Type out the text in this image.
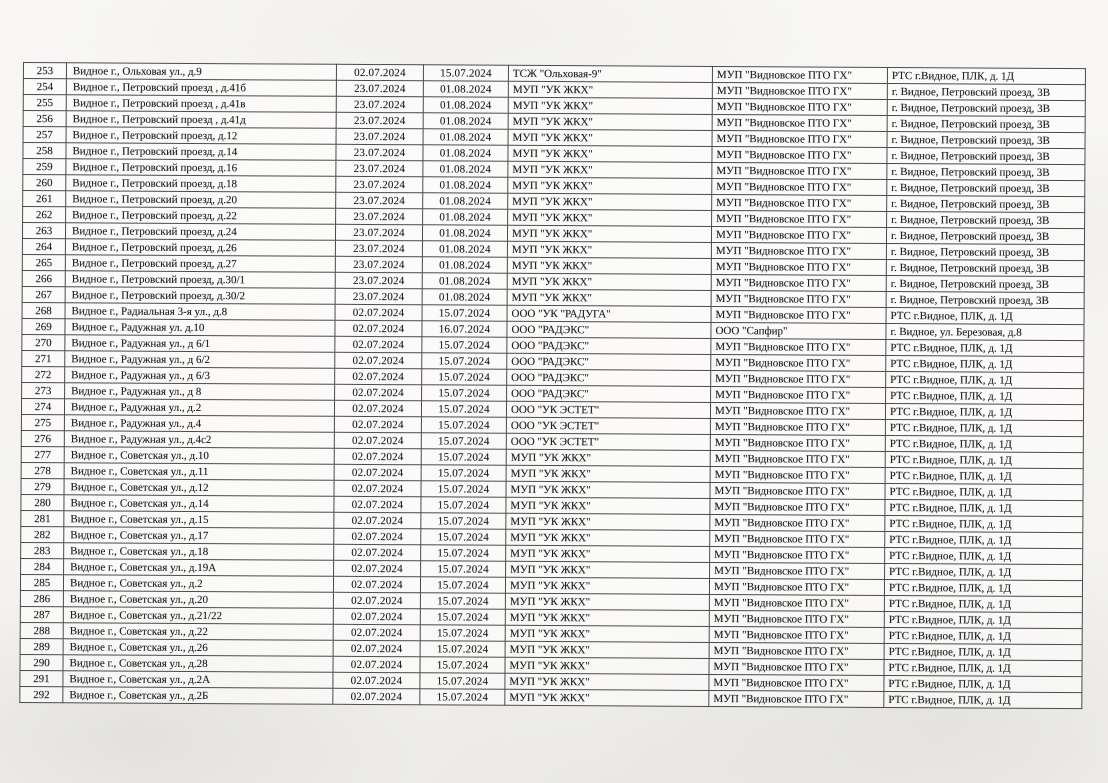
253	Видное г., Ольховая ул., д.9	02.07.2024	15.07.2024	ТСЖ "Ольховая-9"	МУП "Видновское ПТО ГХ"	РТС г.Видное, ПЛК, д. 1Д
254	Видное г., Петровский проезд , д.41б	23.07.2024	01.08.2024	МУП "УК ЖКХ"	МУП "Видновское ПТО ГХ"	г. Видное, Петровский проезд, 3В
255	Видное г., Петровский проезд , д.41в	23.07.2024	01.08.2024	МУП "УК ЖКХ"	МУП "Видновское ПТО ГХ"	г. Видное, Петровский проезд, 3В
256	Видное г., Петровский проезд , д.41д	23.07.2024	01.08.2024	МУП "УК ЖКХ"	МУП "Видновское ПТО ГХ"	г. Видное, Петровский проезд, 3В
257	Видное г., Петровский проезд, д.12	23.07.2024	01.08.2024	МУП "УК ЖКХ"	МУП "Видновское ПТО ГХ"	г. Видное, Петровский проезд, 3В
258	Видное г., Петровский проезд, д.14	23.07.2024	01.08.2024	МУП "УК ЖКХ"	МУП "Видновское ПТО ГХ"	г. Видное, Петровский проезд, 3В
259	Видное г., Петровский проезд, д.16	23.07.2024	01.08.2024	МУП "УК ЖКХ"	МУП "Видновское ПТО ГХ"	г. Видное, Петровский проезд, 3В
260	Видное г., Петровский проезд, д.18	23.07.2024	01.08.2024	МУП "УК ЖКХ"	МУП "Видновское ПТО ГХ"	г. Видное, Петровский проезд, 3В
261	Видное г., Петровский проезд, д.20	23.07.2024	01.08.2024	МУП "УК ЖКХ"	МУП "Видновское ПТО ГХ"	г. Видное, Петровский проезд, 3В
262	Видное г., Петровский проезд, д.22	23.07.2024	01.08.2024	МУП "УК ЖКХ"	МУП "Видновское ПТО ГХ"	г. Видное, Петровский проезд, 3В
263	Видное г., Петровский проезд, д.24	23.07.2024	01.08.2024	МУП "УК ЖКХ"	МУП "Видновское ПТО ГХ"	г. Видное, Петровский проезд, 3В
264	Видное г., Петровский проезд, д.26	23.07.2024	01.08.2024	МУП "УК ЖКХ"	МУП "Видновское ПТО ГХ"	г. Видное, Петровский проезд, 3В
265	Видное г., Петровский проезд, д.27	23.07.2024	01.08.2024	МУП "УК ЖКХ"	МУП "Видновское ПТО ГХ"	г. Видное, Петровский проезд, 3В
266	Видное г., Петровский проезд, д.30/1	23.07.2024	01.08.2024	МУП "УК ЖКХ"	МУП "Видновское ПТО ГХ"	г. Видное, Петровский проезд, 3В
267	Видное г., Петровский проезд, д.30/2	23.07.2024	01.08.2024	МУП "УК ЖКХ"	МУП "Видновское ПТО ГХ"	г. Видное, Петровский проезд, 3В
268	Видное г., Радиальная 3-я ул., д.8	02.07.2024	15.07.2024	ООО "УК "РАДУГА"	МУП "Видновское ПТО ГХ"	РТС г.Видное, ПЛК, д. 1Д
269	Видное г., Радужная ул. д.10	02.07.2024	16.07.2024	ООО "РАДЭКС"	ООО "Сапфир"	г. Видное, ул. Березовая, д.8
270	Видное г., Радужная ул., д 6/1	02.07.2024	15.07.2024	ООО "РАДЭКС"	МУП "Видновское ПТО ГХ"	РТС г.Видное, ПЛК, д. 1Д
271	Видное г., Радужная ул., д 6/2	02.07.2024	15.07.2024	ООО "РАДЭКС"	МУП "Видновское ПТО ГХ"	РТС г.Видное, ПЛК, д. 1Д
272	Видное г., Радужная ул., д 6/3	02.07.2024	15.07.2024	ООО "РАДЭКС"	МУП "Видновское ПТО ГХ"	РТС г.Видное, ПЛК, д. 1Д
273	Видное г., Радужная ул., д 8	02.07.2024	15.07.2024	ООО "РАДЭКС"	МУП "Видновское ПТО ГХ"	РТС г.Видное, ПЛК, д. 1Д
274	Видное г., Радужная ул., д.2	02.07.2024	15.07.2024	ООО "УК ЭСТЕТ"	МУП "Видновское ПТО ГХ"	РТС г.Видное, ПЛК, д. 1Д
275	Видное г., Радужная ул., д.4	02.07.2024	15.07.2024	ООО "УК ЭСТЕТ"	МУП "Видновское ПТО ГХ"	РТС г.Видное, ПЛК, д. 1Д
276	Видное г., Радужная ул., д.4с2	02.07.2024	15.07.2024	ООО "УК ЭСТЕТ"	МУП "Видновское ПТО ГХ"	РТС г.Видное, ПЛК, д. 1Д
277	Видное г., Советская ул., д.10	02.07.2024	15.07.2024	МУП "УК ЖКХ"	МУП "Видновское ПТО ГХ"	РТС г.Видное, ПЛК, д. 1Д
278	Видное г., Советская ул., д.11	02.07.2024	15.07.2024	МУП "УК ЖКХ"	МУП "Видновское ПТО ГХ"	РТС г.Видное, ПЛК, д. 1Д
279	Видное г., Советская ул., д.12	02.07.2024	15.07.2024	МУП "УК ЖКХ"	МУП "Видновское ПТО ГХ"	РТС г.Видное, ПЛК, д. 1Д
280	Видное г., Советская ул., д.14	02.07.2024	15.07.2024	МУП "УК ЖКХ"	МУП "Видновское ПТО ГХ"	РТС г.Видное, ПЛК, д. 1Д
281	Видное г., Советская ул., д.15	02.07.2024	15.07.2024	МУП "УК ЖКХ"	МУП "Видновское ПТО ГХ"	РТС г.Видное, ПЛК, д. 1Д
282	Видное г., Советская ул., д.17	02.07.2024	15.07.2024	МУП "УК ЖКХ"	МУП "Видновское ПТО ГХ"	РТС г.Видное, ПЛК, д. 1Д
283	Видное г., Советская ул., д.18	02.07.2024	15.07.2024	МУП "УК ЖКХ"	МУП "Видновское ПТО ГХ"	РТС г.Видное, ПЛК, д. 1Д
284	Видное г., Советская ул., д.19А	02.07.2024	15.07.2024	МУП "УК ЖКХ"	МУП "Видновское ПТО ГХ"	РТС г.Видное, ПЛК, д. 1Д
285	Видное г., Советская ул., д.2	02.07.2024	15.07.2024	МУП "УК ЖКХ"	МУП "Видновское ПТО ГХ"	РТС г.Видное, ПЛК, д. 1Д
286	Видное г., Советская ул., д.20	02.07.2024	15.07.2024	МУП "УК ЖКХ"	МУП "Видновское ПТО ГХ"	РТС г.Видное, ПЛК, д. 1Д
287	Видное г., Советская ул., д.21/22	02.07.2024	15.07.2024	МУП "УК ЖКХ"	МУП "Видновское ПТО ГХ"	РТС г.Видное, ПЛК, д. 1Д
288	Видное г., Советская ул., д.22	02.07.2024	15.07.2024	МУП "УК ЖКХ"	МУП "Видновское ПТО ГХ"	РТС г.Видное, ПЛК, д. 1Д
289	Видное г., Советская ул., д.26	02.07.2024	15.07.2024	МУП "УК ЖКХ"	МУП "Видновское ПТО ГХ"	РТС г.Видное, ПЛК, д. 1Д
290	Видное г., Советская ул., д.28	02.07.2024	15.07.2024	МУП "УК ЖКХ"	МУП "Видновское ПТО ГХ"	РТС г.Видное, ПЛК, д. 1Д
291	Видное г., Советская ул., д.2А	02.07.2024	15.07.2024	МУП "УК ЖКХ"	МУП "Видновское ПТО ГХ"	РТС г.Видное, ПЛК, д. 1Д
292	Видное г., Советская ул., д.2Б	02.07.2024	15.07.2024	МУП "УК ЖКХ"	МУП "Видновское ПТО ГХ"	РТС г.Видное, ПЛК, д. 1Д
